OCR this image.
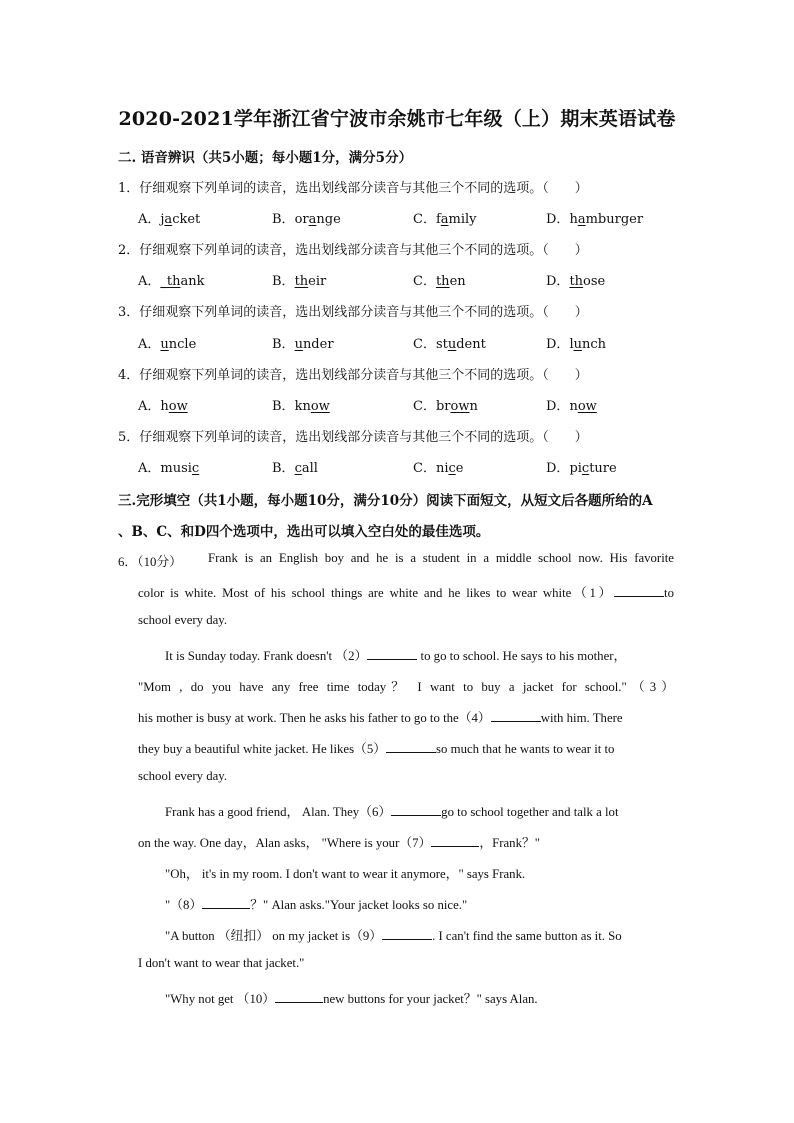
2020-2021学年浙江省宁波市余姚市七年级（上）期末英语试卷
二. 语音辨识（共5小题；每小题1分，满分5分）
1．仔细观察下列单词的读音，选出划线部分读音与其他三个不同的选项。（　　）
A．jacket	B．orange	C．family	D．hamburger
2．仔细观察下列单词的读音，选出划线部分读音与其他三个不同的选项。（　　）
A．_thank	B．their	C．then	D．those
3．仔细观察下列单词的读音，选出划线部分读音与其他三个不同的选项。（　　）
A．uncle	B．under	C．student	D．lunch
4．仔细观察下列单词的读音，选出划线部分读音与其他三个不同的选项。（　　）
A．how	B．know	C．brown	D．now
5．仔细观察下列单词的读音，选出划线部分读音与其他三个不同的选项。（　　）
A．music	B．call	C．nice	D．picture
三.完形填空（共1小题，每小题10分，满分10分）阅读下面短文，从短文后各题所给的A
、B、C、和D四个选项中，选出可以填入空白处的最佳选项。
6．（10分） Frank is an English boy and he is a student in a middle school now. His favorite
color is white. Most of his school things are white and he likes to wear white（1）	to
school every day.
It is Sunday today. Frank doesn't （2）	to go to school. He says to his mother，
"Mom , do you have any free time today？ I want to buy a jacket for school."（3）
his mother is busy at work. Then he asks his father to go to the（4）	with him. There
they buy a beautiful white jacket. He likes（5）	so much that he wants to wear it to
school every day.
Frank has a good friend， Alan. They（6）	go to school together and talk a lot
on the way. One day，Alan asks， "Where is your（7）	，Frank？"
"Oh， it's in my room. I don't want to wear it anymore，" says Frank.
"（8）	？" Alan asks."Your jacket looks so nice."
"A button （纽扣） on my jacket is（9）	. I can't find the same button as it. So
I don't want to wear that jacket."
"Why not get （10）	new buttons for your jacket？" says Alan.
